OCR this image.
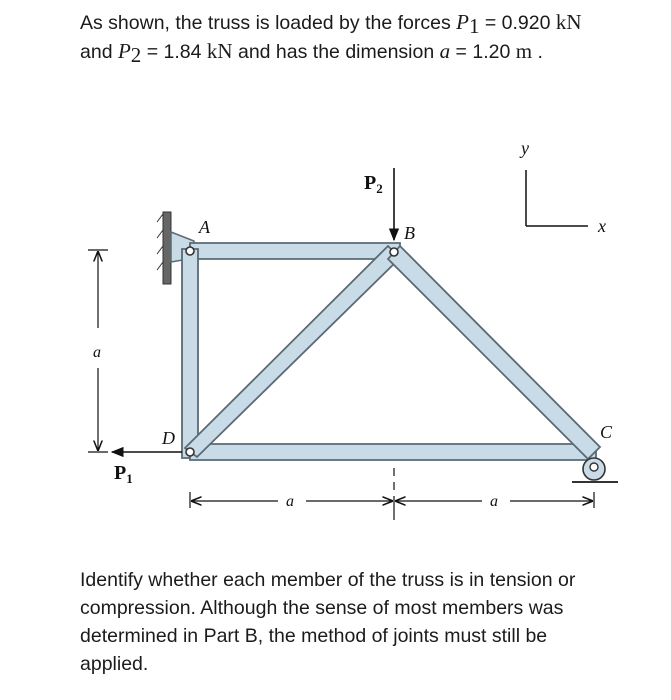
As shown, the truss is loaded by the forces $P_1 = 0.920$ kN and $P_2 = 1.84$ kN and has the dimension a = 1.20 m .

$P_2$
$P_1$
A	B
C
D
y
x
a
a	a

Identify whether each member of the truss is in tension or compression. Although the sense of most members was determined in Part B, the method of joints must still be applied.
